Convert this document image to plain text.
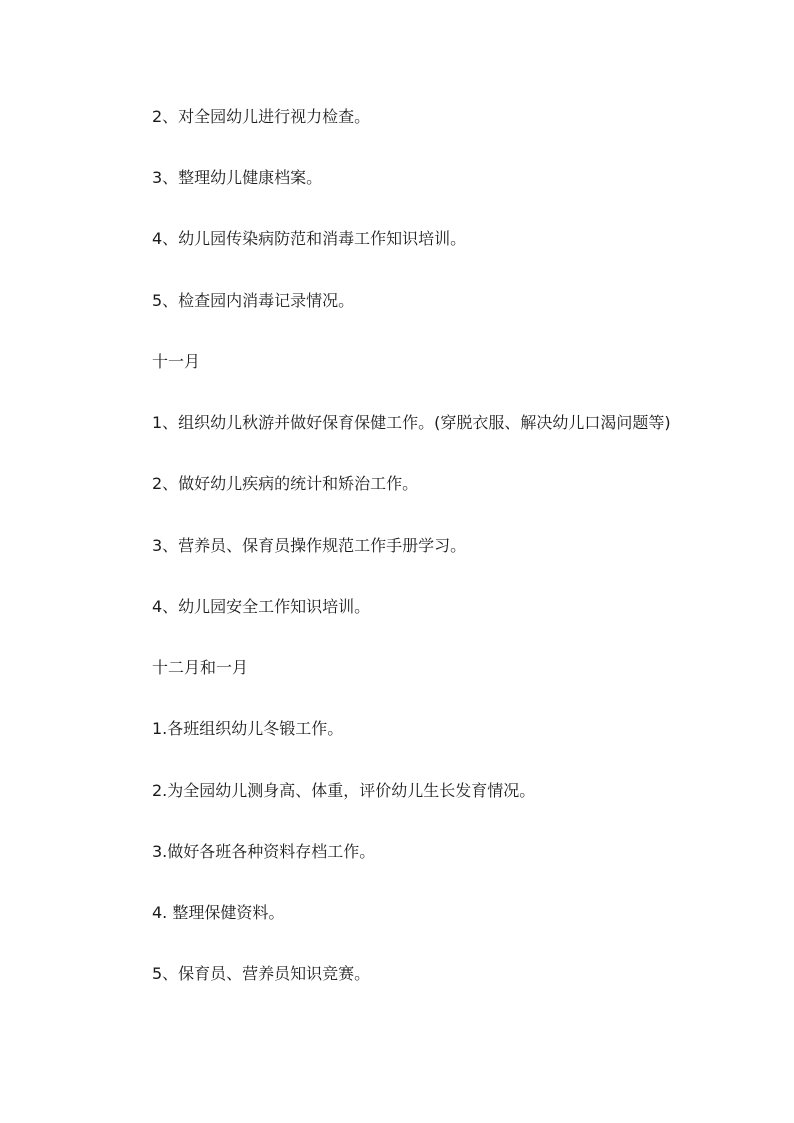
2、对全园幼儿进行视力检查。
3、整理幼儿健康档案。
4、幼儿园传染病防范和消毒工作知识培训。
5、检查园内消毒记录情况。
十一月
1、组织幼儿秋游并做好保育保健工作。(穿脱衣服、解决幼儿口渴问题等)
2、做好幼儿疾病的统计和矫治工作。
3、营养员、保育员操作规范工作手册学习。
4、幼儿园安全工作知识培训。
十二月和一月
1.各班组织幼儿冬锻工作。
2.为全园幼儿测身高、体重，评价幼儿生长发育情况。
3.做好各班各种资料存档工作。
4. 整理保健资料。
5、保育员、营养员知识竞赛。
